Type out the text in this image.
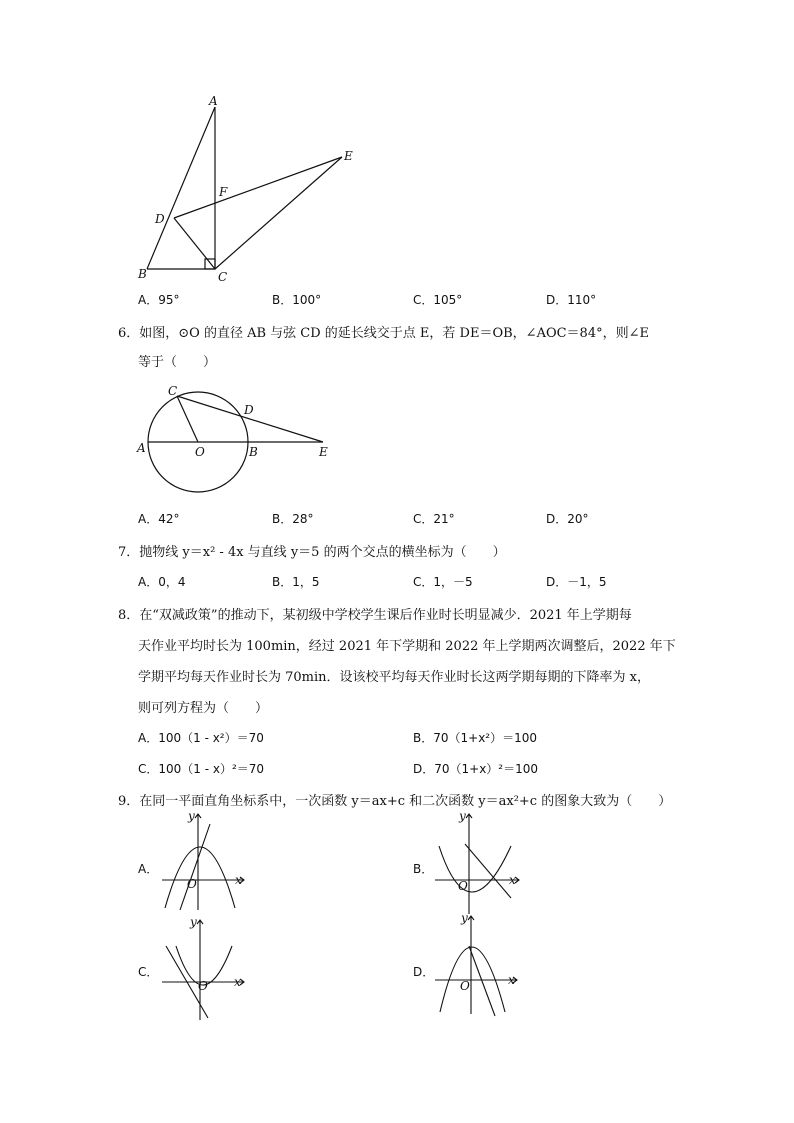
A
E
F
D
B	C
A．95°	B．100°	C．105°	D．110°
6．如图，⊙O 的直径 AB 与弦 CD 的延长线交于点 E，若 DE＝OB，∠AOC＝84°，则∠E
等于（　　）
C
D
A	O	B	E
A．42°	B．28°	C．21°	D．20°
7．抛物线 y＝x² - 4x 与直线 y＝5 的两个交点的横坐标为（　　）
A．0，4	B．1，5	C．1，－5	D．－1，5
8．在“双减政策”的推动下，某初级中学校学生课后作业时长明显减少．2021 年上学期每
天作业平均时长为 100min，经过 2021 年下学期和 2022 年上学期两次调整后，2022 年下
学期平均每天作业时长为 70min．设该校平均每天作业时长这两学期每期的下降率为 x，
则可列方程为（　　）
A．100（1 - x²）＝70	B．70（1+x²）＝100
C．100（1 - x）²＝70	D．70（1+x）²＝100
9．在同一平面直角坐标系中，一次函数 y＝ax+c 和二次函数 y＝ax²+c 的图象大致为（　　）
A．	B．
C．	D．
y
x
O
y
x
O
y
x
O
y
x
O
